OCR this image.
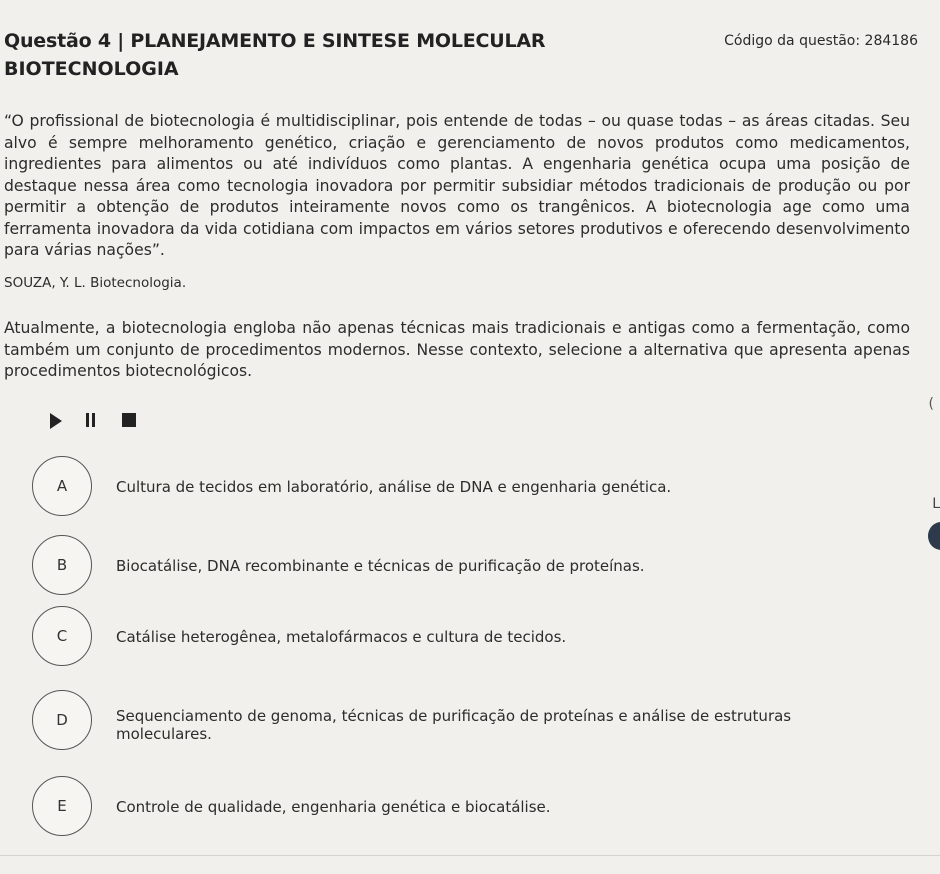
Questão 4 | PLANEJAMENTO E SINTESE MOLECULAR	Código da questão: 284186
BIOTECNOLOGIA
“O profissional de biotecnologia é multidisciplinar, pois entende de todas – ou quase todas – as áreas citadas. Seu alvo é sempre melhoramento genético, criação e gerenciamento de novos produtos como medicamentos, ingredientes para alimentos ou até indivíduos como plantas. A engenharia genética ocupa uma posição de destaque nessa área como tecnologia inovadora por permitir subsidiar métodos tradicionais de produção ou por permitir a obtenção de produtos inteiramente novos como os trangênicos. A biotecnologia age como uma ferramenta inovadora da vida cotidiana com impactos em vários setores produtivos e oferecendo desenvolvimento para várias nações”.
SOUZA, Y. L. Biotecnologia.
Atualmente, a biotecnologia engloba não apenas técnicas mais tradicionais e antigas como a fermentação, como também um conjunto de procedimentos modernos. Nesse contexto, selecione a alternativa que apresenta apenas procedimentos biotecnológicos.
A	Cultura de tecidos em laboratório, análise de DNA e engenharia genética.
B	Biocatálise, DNA recombinante e técnicas de purificação de proteínas.
C	Catálise heterogênea, metalofármacos e cultura de tecidos.
D	Sequenciamento de genoma, técnicas de purificação de proteínas e análise de estruturas moleculares.
E	Controle de qualidade, engenharia genética e biocatálise.
(
L
